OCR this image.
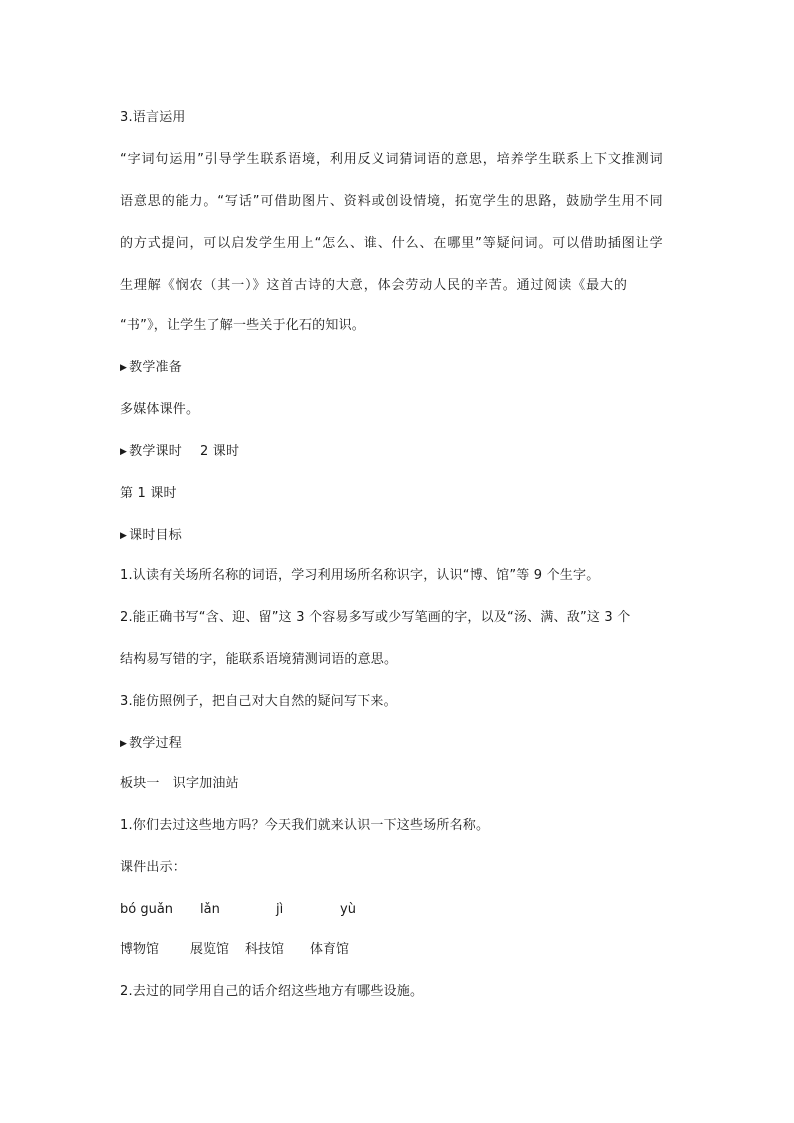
3.语言运用
“字词句运用”引导学生联系语境，利用反义词猜词语的意思，培养学生联系上下文推测词
语意思的能力。“写话”可借助图片、资料或创设情境，拓宽学生的思路，鼓励学生用不同
的方式提问，可以启发学生用上“怎么、谁、什么、在哪里”等疑问词。可以借助插图让学
生理解《悯农（其一）》这首古诗的大意，体会劳动人民的辛苦。通过阅读《最大的
“书”》，让学生了解一些关于化石的知识。
▶ 教学准备
多媒体课件。
▶ 教学课时 2 课时
第 1 课时
▶ 课时目标
1.认读有关场所名称的词语，学习利用场所名称识字，认识“博、馆”等 9 个生字。
2.能正确书写“含、迎、留”这 3 个容易多写或少写笔画的字，以及“汤、满、敌”这 3 个
结构易写错的字，能联系语境猜测词语的意思。
3.能仿照例子，把自己对大自然的疑问写下来。
▶ 教学过程
板块一　识字加油站
1.你们去过这些地方吗？今天我们就来认识一下这些场所名称。
课件出示：
bó guǎn lǎn	jì	yù
博物馆 展览馆 科技馆 体育馆
2.去过的同学用自己的话介绍这些地方有哪些设施。
